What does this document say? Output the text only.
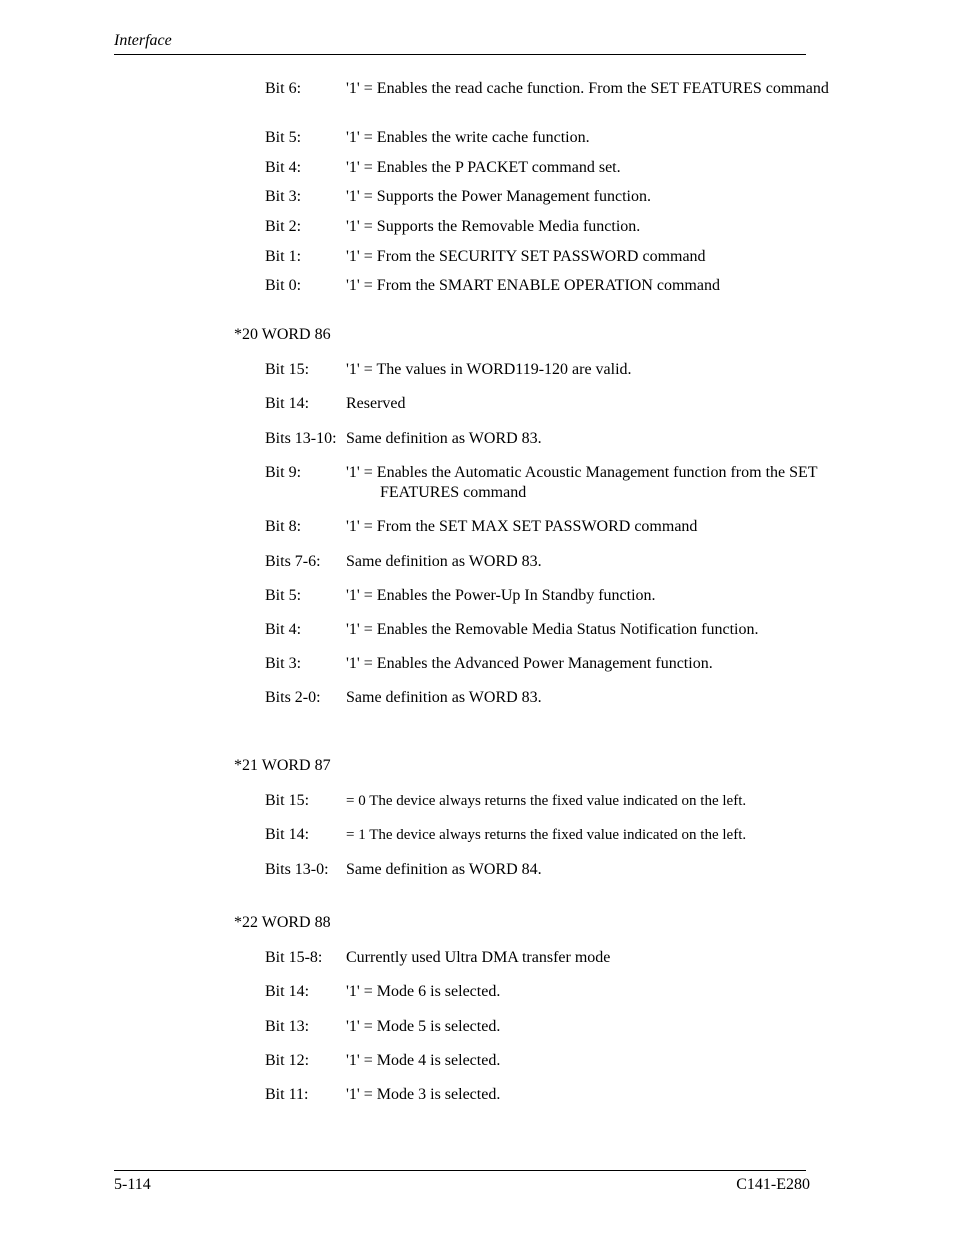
Interface
Bit 6:	'1' = Enables the read cache function. From the SET FEATURES command
Bit 5:	'1' = Enables the write cache function.
Bit 4:	'1' = Enables the P PACKET command set.
Bit 3:	'1' = Supports the Power Management function.
Bit 2:	'1' = Supports the Removable Media function.
Bit 1:	'1' = From the SECURITY SET PASSWORD command
Bit 0:	'1' = From the SMART ENABLE OPERATION command
*20 WORD 86
Bit 15: '1' = The values in WORD119-120 are valid.
Bit 14: Reserved
Bits 13-10: Same definition as WORD 83.
Bit 9:	'1' = Enables the Automatic Acoustic Management function from the SET FEATURES command
Bit 8:	'1' = From the SET MAX SET PASSWORD command
Bits 7-6: Same definition as WORD 83.
Bit 5:	'1' = Enables the Power-Up In Standby function.
Bit 4:	'1' = Enables the Removable Media Status Notification function.
Bit 3:	'1' = Enables the Advanced Power Management function.
Bits 2-0: Same definition as WORD 83.
*21 WORD 87
Bit 15: = 0 The device always returns the fixed value indicated on the left.
Bit 14: = 1 The device always returns the fixed value indicated on the left.
Bits 13-0: Same definition as WORD 84.
*22 WORD 88
Bit 15-8: Currently used Ultra DMA transfer mode
Bit 14: '1' = Mode 6 is selected.
Bit 13: '1' = Mode 5 is selected.
Bit 12: '1' = Mode 4 is selected.
Bit 11: '1' = Mode 3 is selected.
5-114	C141-E280
